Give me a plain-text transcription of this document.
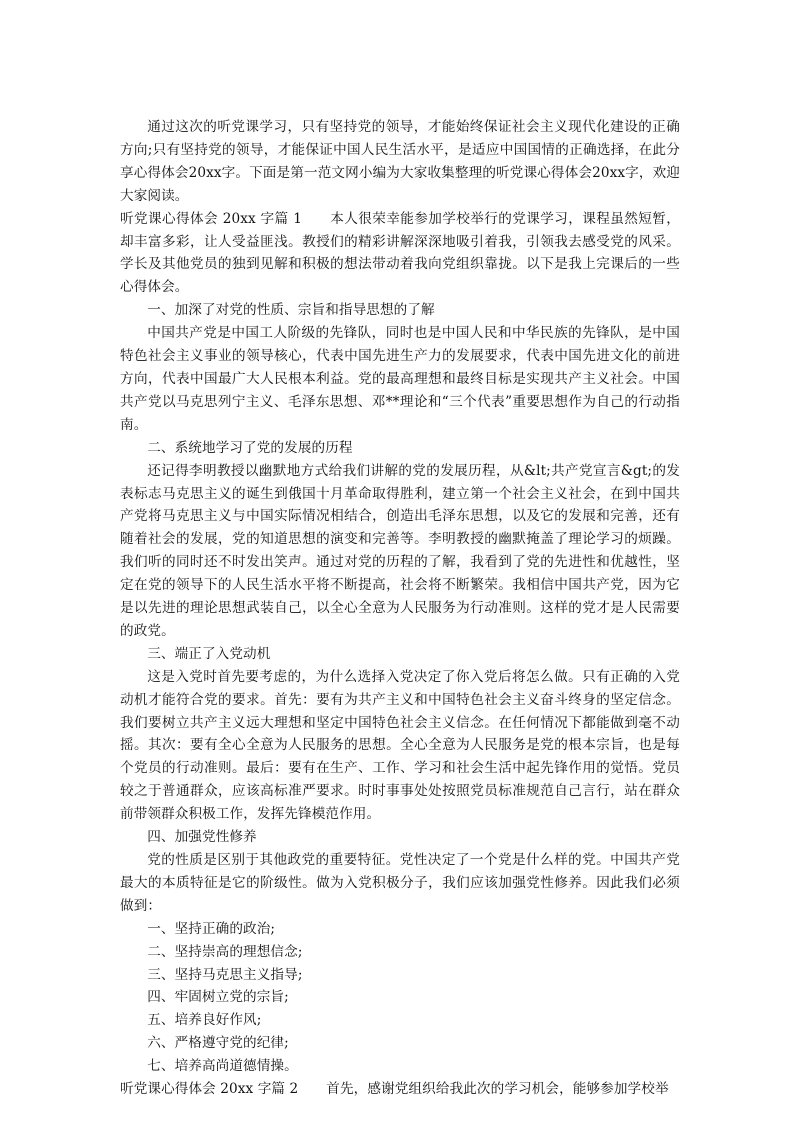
通过这次的听党课学习，只有坚持党的领导，才能始终保证社会主义现代化建设的正确方向;只有坚持党的领导，才能保证中国人民生活水平，是适应中国国情的正确选择，在此分享心得体会20xx字。下面是第一范文网小编为大家收集整理的听党课心得体会20xx字，欢迎大家阅读。

听党课心得体会 20xx 字篇 1 本人很荣幸能参加学校举行的党课学习，课程虽然短暂，却丰富多彩，让人受益匪浅。教授们的精彩讲解深深地吸引着我，引领我去感受党的风采。学长及其他党员的独到见解和积极的想法带动着我向党组织靠拢。以下是我上完课后的一些心得体会。

一、加深了对党的性质、宗旨和指导思想的了解

中国共产党是中国工人阶级的先锋队，同时也是中国人民和中华民族的先锋队，是中国特色社会主义事业的领导核心，代表中国先进生产力的发展要求，代表中国先进文化的前进方向，代表中国最广大人民根本利益。党的最高理想和最终目标是实现共产主义社会。中国共产党以马克思列宁主义、毛泽东思想、邓**理论和“三个代表”重要思想作为自己的行动指南。

二、系统地学习了党的发展的历程

还记得李明教授以幽默地方式给我们讲解的党的发展历程，从&lt;共产党宣言&gt;的发表标志马克思主义的诞生到俄国十月革命取得胜利，建立第一个社会主义社会，在到中国共产党将马克思主义与中国实际情况相结合，创造出毛泽东思想，以及它的发展和完善，还有随着社会的发展，党的知道思想的演变和完善等。李明教授的幽默掩盖了理论学习的烦躁。我们听的同时还不时发出笑声。通过对党的历程的了解，我看到了党的先进性和优越性，坚定在党的领导下的人民生活水平将不断提高，社会将不断繁荣。我相信中国共产党，因为它是以先进的理论思想武装自己，以全心全意为人民服务为行动准则。这样的党才是人民需要的政党。

三、端正了入党动机

这是入党时首先要考虑的，为什么选择入党决定了你入党后将怎么做。只有正确的入党动机才能符合党的要求。首先：要有为共产主义和中国特色社会主义奋斗终身的坚定信念。我们要树立共产主义远大理想和坚定中国特色社会主义信念。在任何情况下都能做到毫不动摇。其次：要有全心全意为人民服务的思想。全心全意为人民服务是党的根本宗旨，也是每个党员的行动准则。最后：要有在生产、工作、学习和社会生活中起先锋作用的觉悟。党员较之于普通群众，应该高标准严要求。时时事事处处按照党员标准规范自己言行，站在群众前带领群众积极工作，发挥先锋模范作用。

四、加强党性修养

党的性质是区别于其他政党的重要特征。党性决定了一个党是什么样的党。中国共产党最大的本质特征是它的阶级性。做为入党积极分子，我们应该加强党性修养。因此我们必须做到：

一、坚持正确的政治;

二、坚持崇高的理想信念;

三、坚持马克思主义指导;

四、牢固树立党的宗旨;

五、培养良好作风;

六、严格遵守党的纪律;

七、培养高尚道德情操。

听党课心得体会 20xx 字篇 2 首先，感谢党组织给我此次的学习机会，能够参加学校举
